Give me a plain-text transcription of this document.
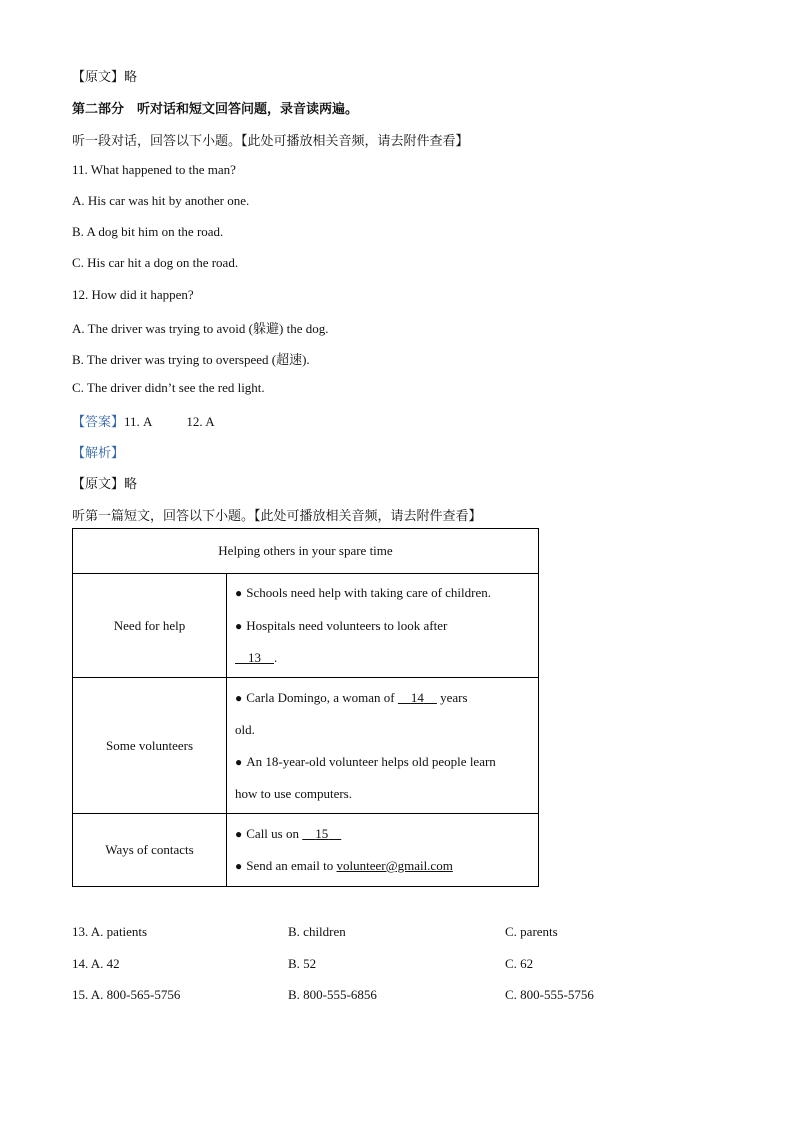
【原文】略
第二部分　听对话和短文回答问题，录音读两遍。
听一段对话，回答以下小题。【此处可播放相关音频，请去附件查看】
11. What happened to the man?
A. His car was hit by another one.
B. A dog bit him on the road.
C. His car hit a dog on the road.
12. How did it happen?
A. The driver was trying to avoid (躲避) the dog.
B. The driver was trying to overspeed (超速).
C. The driver didn’t see the red light.
【答案】11. A	12. A
【解析】
【原文】略
听第一篇短文，回答以下小题。【此处可播放相关音频，请去附件查看】
Helping others in your spare time	
Need for help	● Schools need help with taking care of children.
● Hospitals need volunteers to look after
13 .

Some volunteers	● Carla Domingo, a woman of     14     years
old.
● An 18-year-old volunteer helps old people learn
how to use computers.

Ways of contacts	● Call us on     15
● Send an email to volunteer@gmail.com
13. A. patients	B. children	C. parents
14. A. 42	B. 52	C. 62
15. A. 800-565-5756	B. 800-555-6856	C. 800-555-5756
